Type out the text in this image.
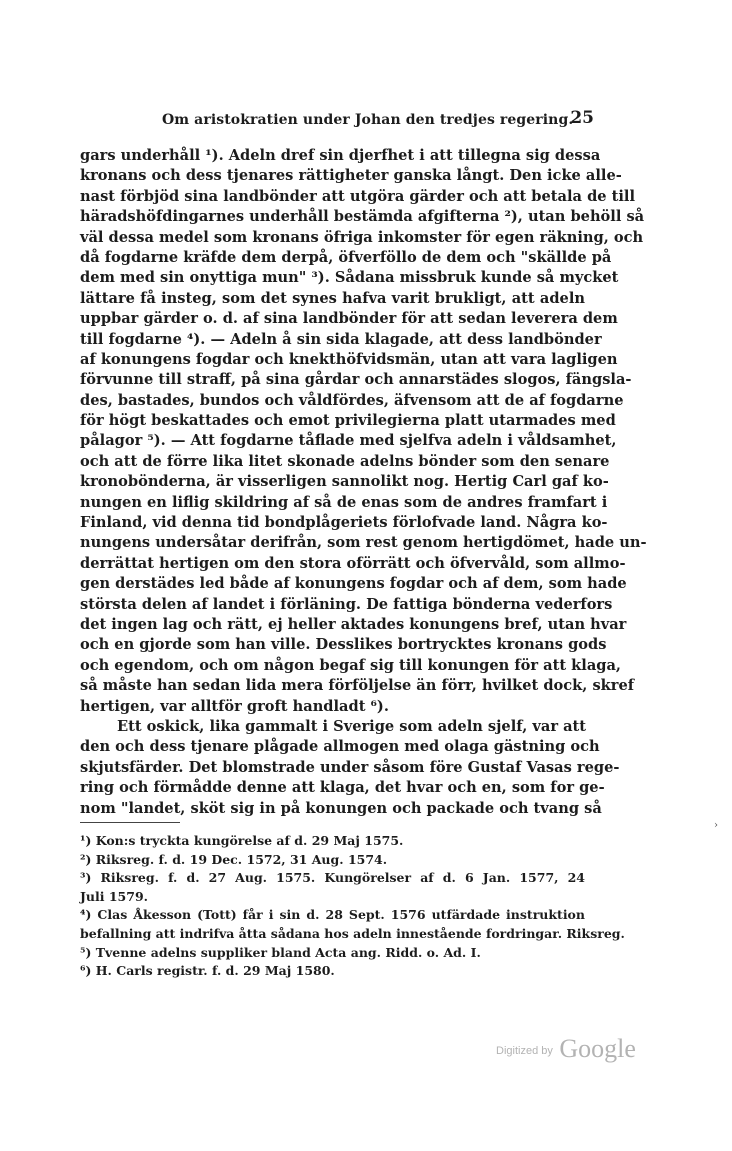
Om aristokratien under Johan den tredjes regering.
25
gars underhåll ¹). Adeln dref sin djerfhet i att tillegna sig dessa
kronans och dess tjenares rättigheter ganska långt. Den icke alle-
nast förbjöd sina landbönder att utgöra gärder och att betala de till
häradshöfdingarnes underhåll bestämda afgifterna ²), utan behöll så
väl dessa medel som kronans öfriga inkomster för egen räkning, och
då fogdarne kräfde dem derpå, öfverföllo de dem och "skällde på
dem med sin onyttiga mun" ³). Sådana missbruk kunde så mycket
lättare få insteg, som det synes hafva varit brukligt, att adeln
uppbar gärder o. d. af sina landbönder för att sedan leverera dem
till fogdarne ⁴). — Adeln å sin sida klagade, att dess landbönder
af konungens fogdar och knekthöfvidsmän, utan att vara lagligen
förvunne till straff, på sina gårdar och annarstädes slogos, fängsla-
des, bastades, bundos och våldfördes, äfvensom att de af fogdarne
för högt beskattades och emot privilegierna platt utarmades med
pålagor ⁵). — Att fogdarne tåflade med sjelfva adeln i våldsamhet,
och att de förre lika litet skonade adelns bönder som den senare
kronobönderna, är visserligen sannolikt nog. Hertig Carl gaf ko-
nungen en liflig skildring af så de enas som de andres framfart i
Finland, vid denna tid bondplågeriets förlofvade land. Några ko-
nungens undersåtar derifrån, som rest genom hertigdömet, hade un-
derrättat hertigen om den stora oförrätt och öfvervåld, som allmo-
gen derstädes led både af konungens fogdar och af dem, som hade
största delen af landet i förläning. De fattiga bönderna vederfors
det ingen lag och rätt, ej heller aktades konungens bref, utan hvar
och en gjorde som han ville. Desslikes bortrycktes kronans gods
och egendom, och om någon begaf sig till konungen för att klaga,
så måste han sedan lida mera förföljelse än förr, hvilket dock, skref
hertigen, var alltför groft handladt ⁶).
Ett oskick, lika gammalt i Sverige som adeln sjelf, var att
den och dess tjenare plågade allmogen med olaga gästning och
skjutsfärder. Det blomstrade under såsom före Gustaf Vasas rege-
ring och förmådde denne att klaga, det hvar och en, som for ge-
nom "landet, sköt sig in på konungen och packade och tvang så
¹) Kon:s tryckta kungörelse af d. 29 Maj 1575.
²) Riksreg. f. d. 19 Dec. 1572, 31 Aug. 1574.
³) Riksreg. f. d. 27 Aug. 1575. Kungörelser af d. 6 Jan. 1577, 24
Juli 1579.
⁴) Clas Åkesson (Tott) får i sin d. 28 Sept. 1576 utfärdade instruktion
befallning att indrifva åtta sådana hos adeln innestående fordringar. Riksreg.
⁵) Tvenne adelns suppliker bland Acta ang. Ridd. o. Ad. I.
⁶) H. Carls registr. f. d. 29 Maj 1580.
›
Digitized by Google
